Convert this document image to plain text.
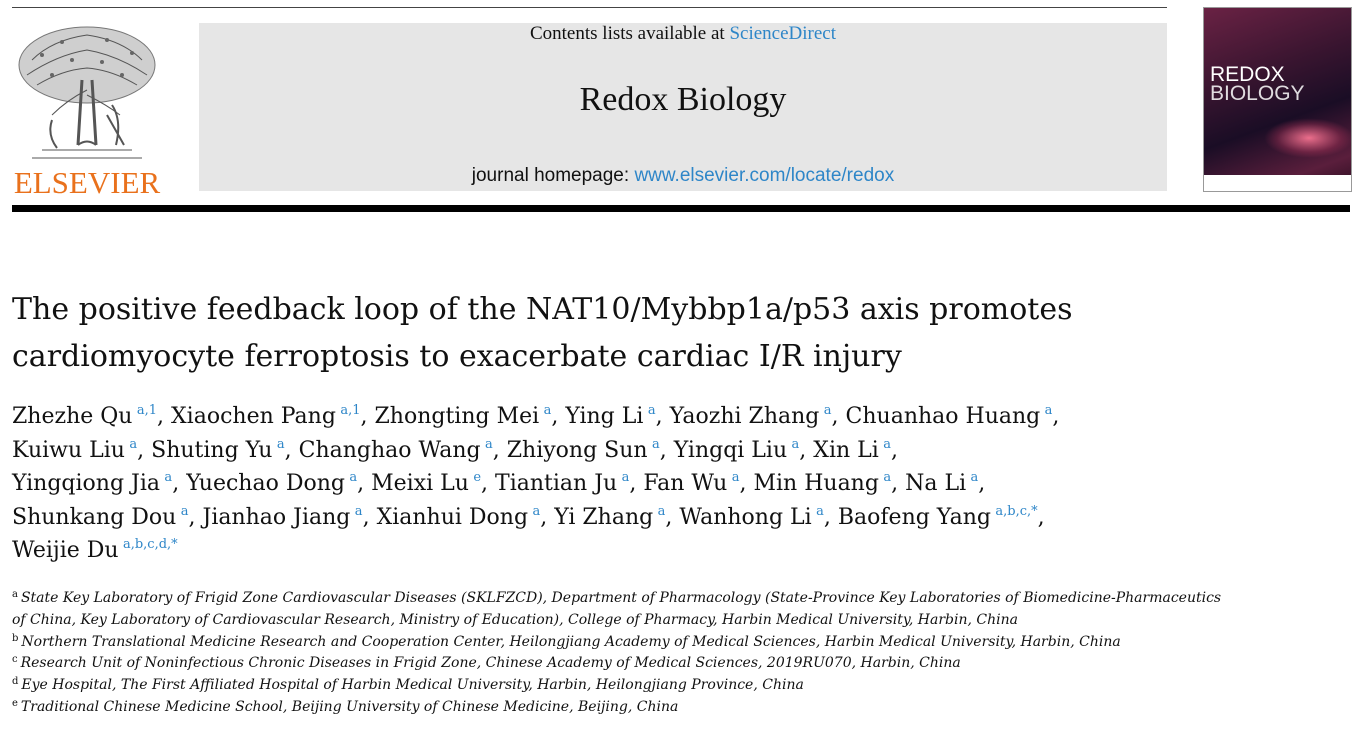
ELSEVIER
Contents lists available at ScienceDirect
Redox Biology
journal homepage: www.elsevier.com/locate/redox
REDOX
BIOLOGY
The positive feedback loop of the NAT10/Mybbp1a/p53 axis promotes
cardiomyocyte ferroptosis to exacerbate cardiac I/R injury

Zhezhe Qu  $^{a,1}$, Xiaochen Pang  $^{a,1}$, Zhongting Mei  $^a$, Ying Li  $^a$, Yaozhi Zhang  $^a$, Chuanhao Huang  $^a$,
Kuiwu Liu  $^a$, Shuting Yu  $^a$, Changhao Wang  $^a$, Zhiyong Sun  $^a$, Yingqi Liu  $^a$, Xin Li  $^a$,
Yingqiong Jia  $^a$, Yuechao Dong  $^a$, Meixi Lu  $^e$, Tiantian Ju  $^a$, Fan Wu  $^a$, Min Huang  $^a$, Na Li  $^a$,
Shunkang Dou  $^a$, Jianhao Jiang  $^a$, Xianhui Dong  $^a$, Yi Zhang  $^a$, Wanhong Li  $^a$, Baofeng Yang  $^{a,b,c,*}$,
Weijie Du  $^{a,b,c,d,*}$

$^a$ State Key Laboratory of Frigid Zone Cardiovascular Diseases (SKLFZCD), Department of Pharmacology (State-Province Key Laboratories of Biomedicine-Pharmaceutics

of China, Key Laboratory of Cardiovascular Research, Ministry of Education), College of Pharmacy, Harbin Medical University, Harbin, China

$^b$ Northern Translational Medicine Research and Cooperation Center, Heilongjiang Academy of Medical Sciences, Harbin Medical University, Harbin, China

$^c$ Research Unit of Noninfectious Chronic Diseases in Frigid Zone, Chinese Academy of Medical Sciences, 2019RU070, Harbin, China

$^d$ Eye Hospital, The First Affiliated Hospital of Harbin Medical University, Harbin, Heilongjiang Province, China

$^e$ Traditional Chinese Medicine School, Beijing University of Chinese Medicine, Beijing, China
